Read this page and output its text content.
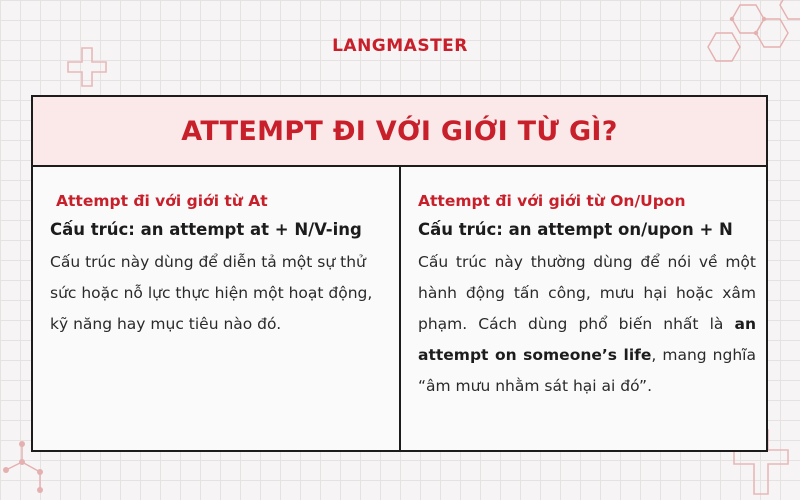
LANGMASTER
ATTEMPT ĐI VỚI GIỚI TỪ GÌ?
Attempt đi với giới từ At
Cấu trúc: an attempt at + N/V-ing
Cấu trúc này dùng để diễn tả một sự thử sức hoặc nỗ lực thực hiện một hoạt động, kỹ năng hay mục tiêu nào đó.
Attempt đi với giới từ On/Upon
Cấu trúc: an attempt on/upon + N
Cấu trúc này thường dùng để nói về một hành động tấn công, mưu hại hoặc xâm phạm. Cách dùng phổ biến nhất là an attempt on someone’s life, mang nghĩa “âm mưu nhằm sát hại ai đó”.
